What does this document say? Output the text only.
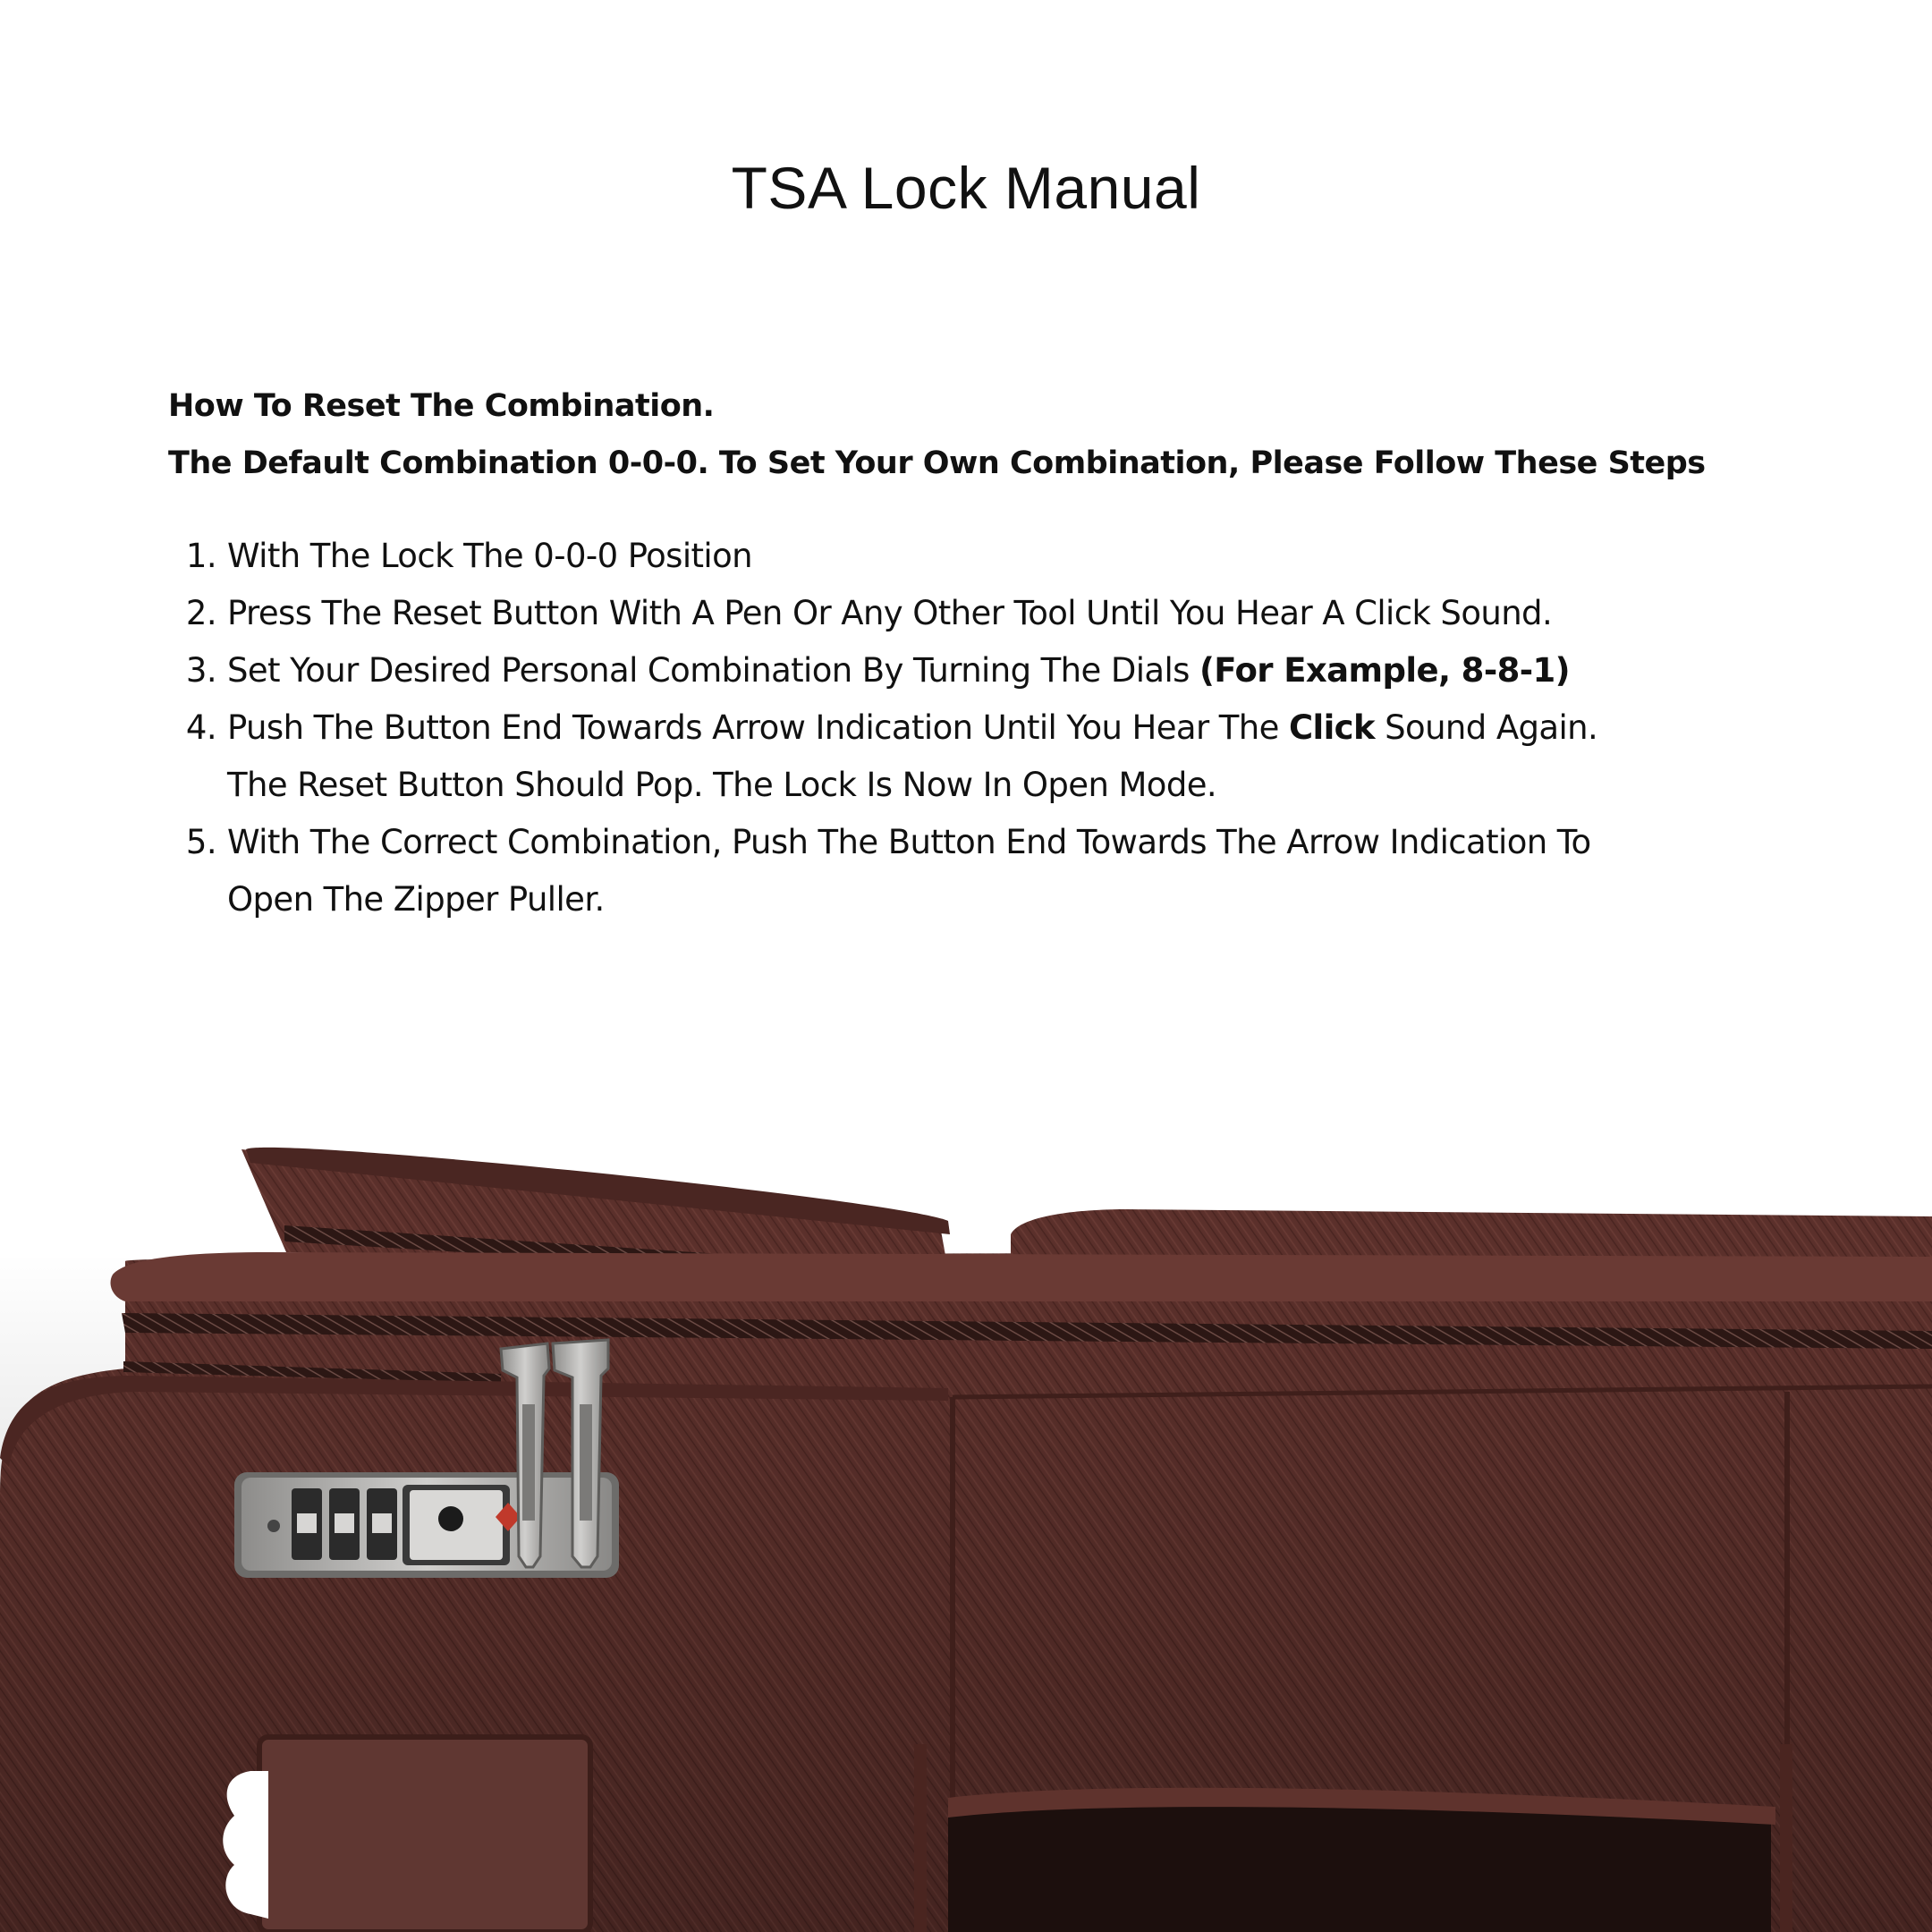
TSA Lock Manual
How To Reset The Combination.
The Default Combination 0-0-0. To Set Your Own Combination, Please Follow These Steps
1. With The Lock The 0-0-0 Position
2. Press The Reset Button With A Pen Or Any Other Tool Until You Hear A Click Sound.
3. Set Your Desired Personal Combination By Turning The Dials (For Example, 8-8-1)
4. Push The Button End Towards Arrow Indication Until You Hear The Click Sound Again.
The Reset Button Should Pop. The Lock Is Now In Open Mode.
5. With The Correct Combination, Push The Button End Towards The Arrow Indication To
Open The Zipper Puller.
